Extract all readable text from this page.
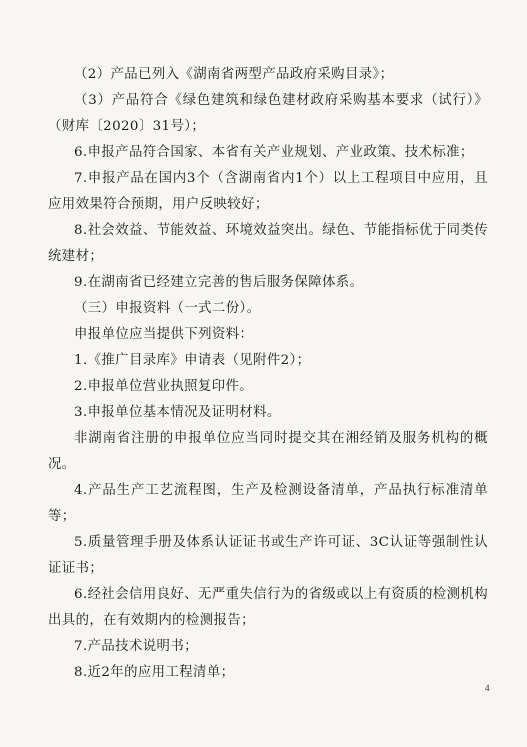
（2）产品已列入《湖南省两型产品政府采购目录》；

（3）产品符合《绿色建筑和绿色建材政府采购基本要求（试行）》（财库〔2020〕31号）；

6.申报产品符合国家、本省有关产业规划、产业政策、技术标准；

7.申报产品在国内3个（含湖南省内1个）以上工程项目中应用，且应用效果符合预期，用户反映较好；

8.社会效益、节能效益、环境效益突出。绿色、节能指标优于同类传统建材；

9.在湖南省已经建立完善的售后服务保障体系。

（三）申报资料（一式二份）。

申报单位应当提供下列资料：

1.《推广目录库》申请表（见附件2）；

2.申报单位营业执照复印件。

3.申报单位基本情况及证明材料。

非湖南省注册的申报单位应当同时提交其在湘经销及服务机构的概况。

4.产品生产工艺流程图，生产及检测设备清单，产品执行标准清单等；

5.质量管理手册及体系认证证书或生产许可证、3C认证等强制性认证证书；

6.经社会信用良好、无严重失信行为的省级或以上有资质的检测机构出具的，在有效期内的检测报告；

7.产品技术说明书；

8.近2年的应用工程清单；

4
